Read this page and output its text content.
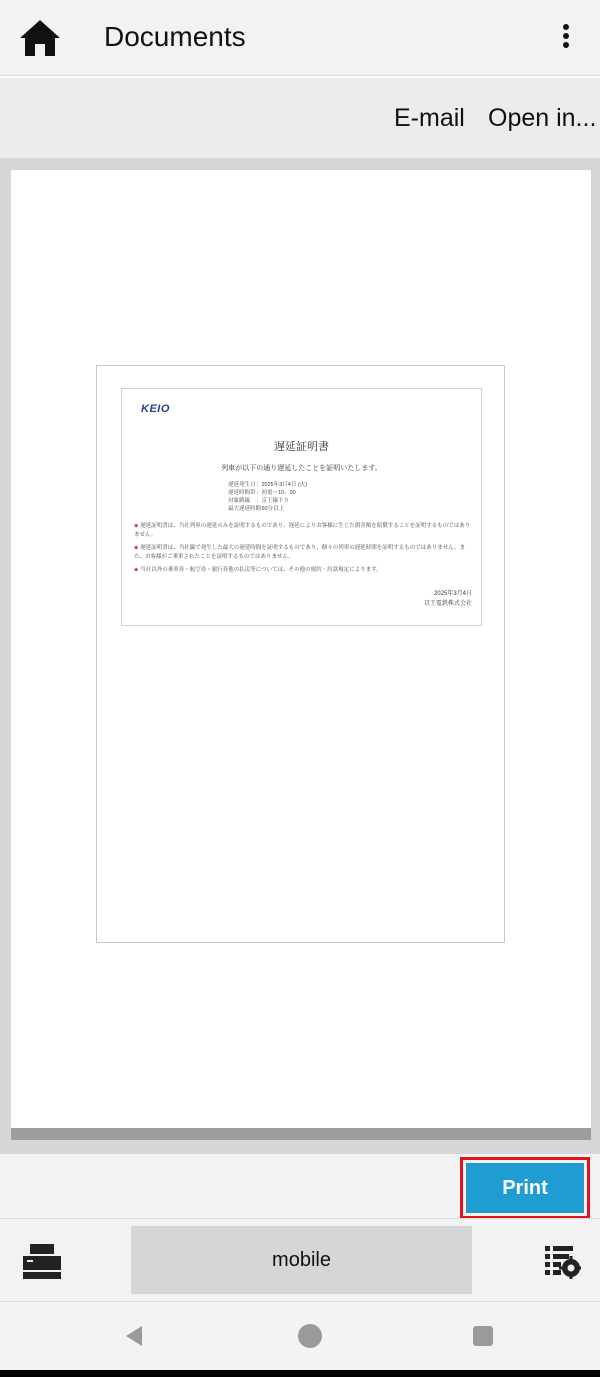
Documents
E-mail Open in...
KEIO
遅延証明書
列車が以下の通り遅延したことを証明いたします。
遅延発生日：2025年3月4日 (火)
遅延時間帯：初電～10：00
対象路線 ：京王線下り
最大遅延時間：60分以上
◆ 遅延証明書は、当社列車の遅延のみを証明するものであり、遅延によりお客様に生じた損害額を賠償することを証明するものではありません。
◆ 遅延証明書は、当社線で発生した最大の遅延時間を証明するものであり、個々の列車の遅延時間を証明するものではありません。また、お客様がご乗車されたことを証明するものではありません。
◆ 当社以外の乗車券・航空券・旅行券他の払戻等については、その他の規約・約款規定によります。
2025年3月4日
京王電鉄株式会社
Print
mobile
